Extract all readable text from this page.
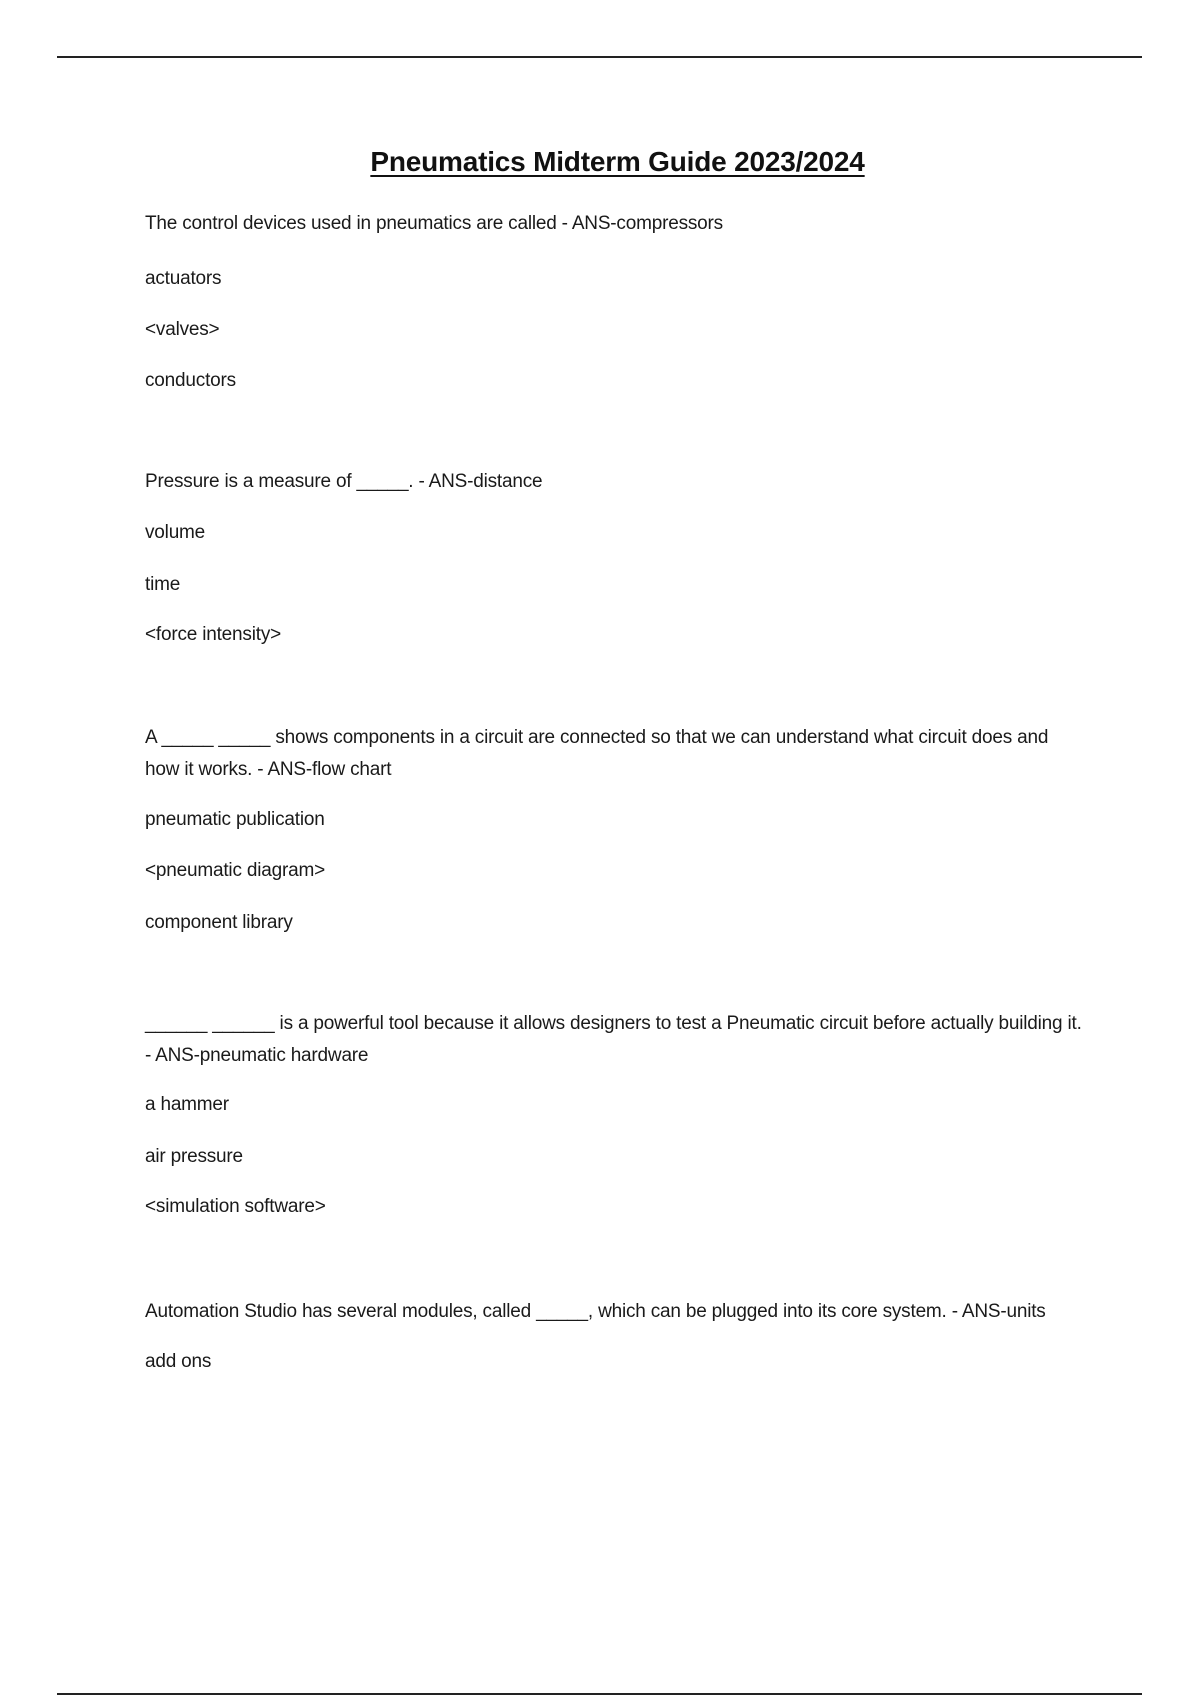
Pneumatics Midterm Guide 2023/2024

The control devices used in pneumatics are called - ANS-compressors

actuators

<valves>

conductors

Pressure is a measure of _____. - ANS-distance

volume

time

<force intensity>

A _____ _____ shows components in a circuit are connected so that we can understand what circuit does and how it works. - ANS-flow chart

pneumatic publication

<pneumatic diagram>

component library

______ ______ is a powerful tool because it allows designers to test a Pneumatic circuit before actually building it. - ANS-pneumatic hardware

a hammer

air pressure

<simulation software>

Automation Studio has several modules, called _____, which can be plugged into its core system. - ANS-units

add ons
